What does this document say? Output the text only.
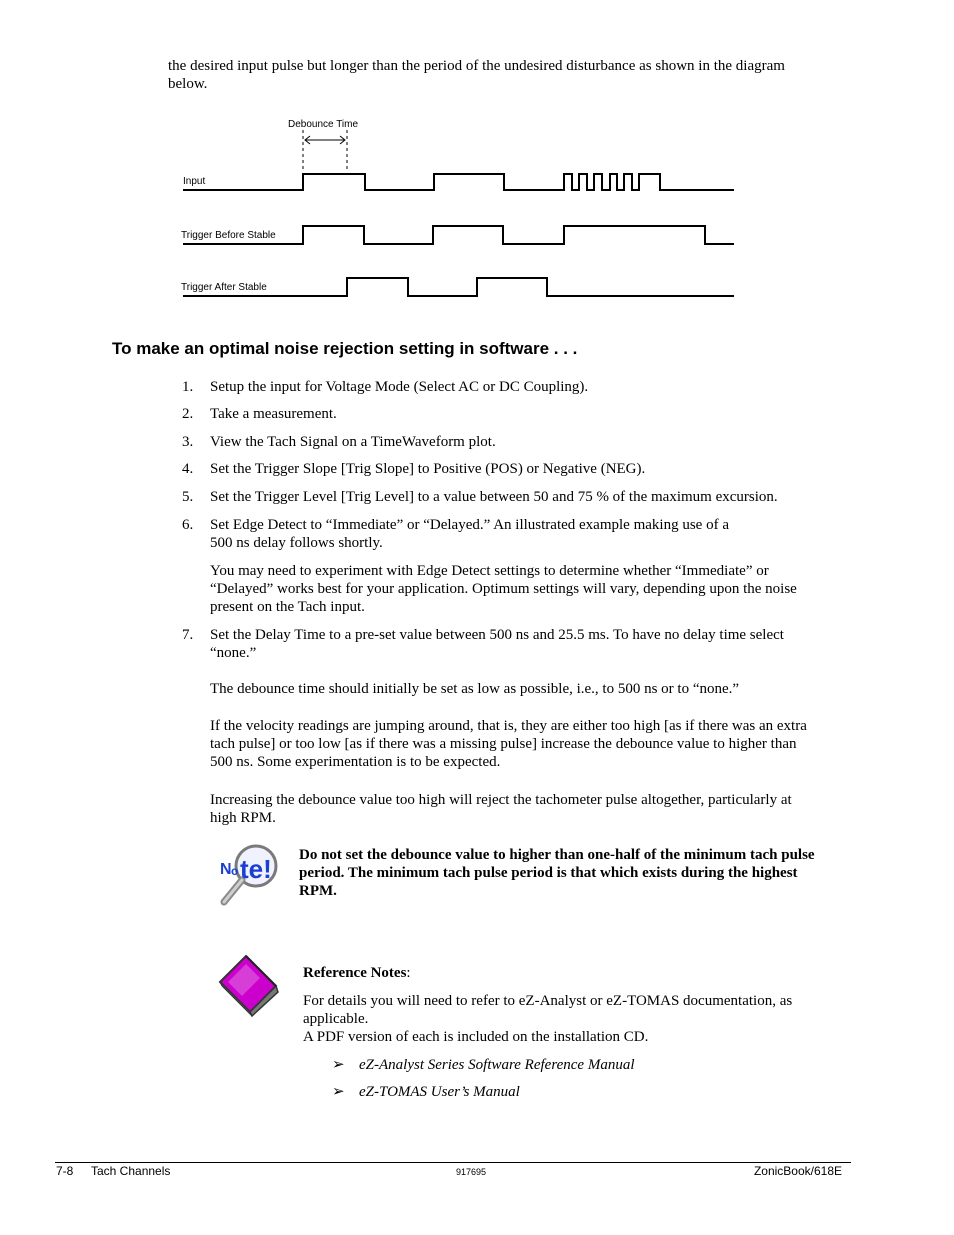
the desired input pulse but longer than the period of the undesired disturbance as shown in the diagram
below.
Debounce Time
Input
Trigger Before Stable
Trigger After Stable
To make an optimal noise rejection setting in software . . .
1. Setup the input for Voltage Mode (Select AC or DC Coupling).
2. Take a measurement.
3. View the Tach Signal on a TimeWaveform plot.
4. Set the Trigger Slope [Trig Slope] to Positive (POS) or Negative (NEG).
5. Set the Trigger Level [Trig Level] to a value between 50 and 75 % of the maximum excursion.
6. Set Edge Detect to “Immediate” or “Delayed.” An illustrated example making use of a
500 ns delay follows shortly.
You may need to experiment with Edge Detect settings to determine whether “Immediate” or
“Delayed” works best for your application. Optimum settings will vary, depending upon the noise
present on the Tach input.
7. Set the Delay Time to a pre-set value between 500 ns and 25.5 ms. To have no delay time select
“none.”
The debounce time should initially be set as low as possible, i.e., to 500 ns or to “none.”
If the velocity readings are jumping around, that is, they are either too high [as if there was an extra
tach pulse] or too low [as if there was a missing pulse] increase the debounce value to higher than
500 ns. Some experimentation is to be expected.
Increasing the debounce value too high will reject the tachometer pulse altogether, particularly at
high RPM.
N o te! Do not set the debounce value to higher than one-half of the minimum tach pulse
period. The minimum tach pulse period is that which exists during the highest
RPM.
Reference Notes:
For details you will need to refer to eZ-Analyst or eZ-TOMAS documentation, as
applicable.
A PDF version of each is included on the installation CD.
➢ eZ-Analyst Series Software Reference Manual
➢ eZ-TOMAS User’s Manual
7-8 Tach Channels	917695	ZonicBook/618E
